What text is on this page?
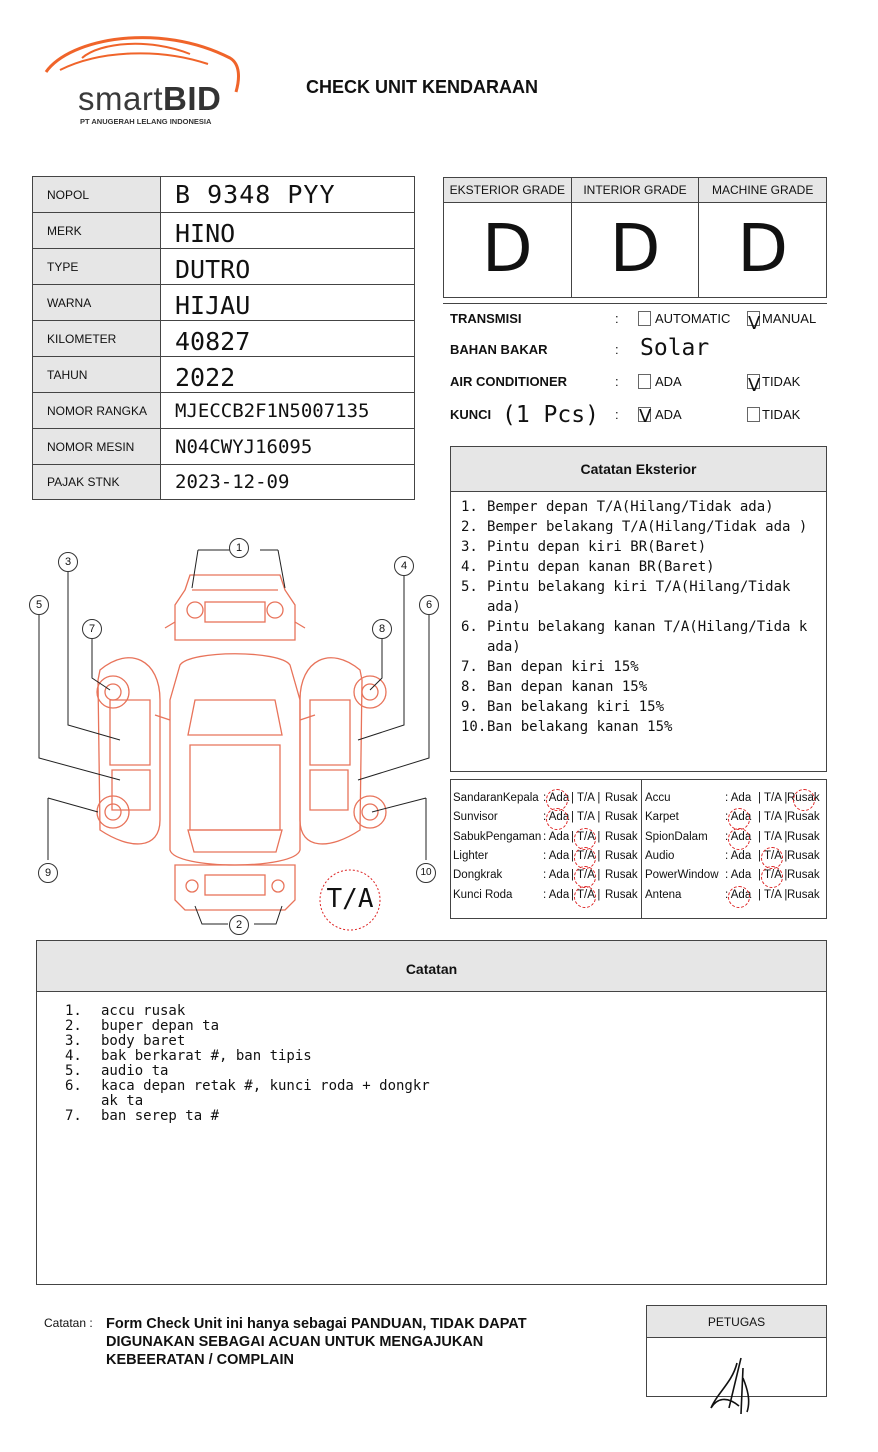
smartBID
PT ANUGERAH LELANG INDONESIA
CHECK UNIT KENDARAAN
NOPOL	B 9348 PYY
MERK	HINO
TYPE	DUTRO
WARNA	HIJAU
KILOMETER	40827
TAHUN	2022
NOMOR RANGKA	MJECCB2F1N5007135
NOMOR MESIN	N04CWYJ16095
PAJAK STNK	2023-12-09
EKSTERIOR GRADE
D
INTERIOR GRADE
D
MACHINE GRADE
D
TRANSMISI	:	AUTOMATIC V MANUAL
BAHAN BAKAR	: Solar
AIR CONDITIONER	:	ADA	V TIDAK
KUNCI (1 Pcs) : V ADA	TIDAK
Catatan Eksterior
1. Bemper depan T/A(Hilang/Tidak ada)
2. Bemper belakang T/A(Hilang/Tidak ada )
3. Pintu depan kiri BR(Baret)
4. Pintu depan kanan BR(Baret)
5. Pintu belakang kiri T/A(Hilang/Tidak ada)
6. Pintu belakang kanan T/A(Hilang/Tida k ada)
7. Ban depan kiri 15%
8. Ban depan kanan 15%
9. Ban belakang kiri 15%
10. Ban belakang kanan 15%
SandaranKepala : Ada | T/A | Rusak
Sunvisor	: Ada | T/A | Rusak
SabukPengaman : Ada | T/A | Rusak
Lighter	: Ada | T/A | Rusak
Dongkrak	: Ada | T/A | Rusak
Kunci Roda	: Ada | T/A | Rusak
Accu	: Ada | T/A | Rusak
Karpet	: Ada | T/A | Rusak
SpionDalam : Ada | T/A | Rusak
Audio	: Ada | T/A | Rusak
PowerWindow : Ada | T/A | Rusak
Antena	: Ada | T/A | Rusak
1
2
3	4
5	6
7	8
9	10
T/A
Catatan
1.	accu rusak
2.	buper depan ta
3.	body baret
4.	bak berkarat #, ban tipis
5.	audio ta
6.	kaca depan retak #, kunci roda + dongkrak ta
7.	ban serep ta #
Catatan : Form Check Unit ini hanya sebagai PANDUAN, TIDAK DAPAT DIGUNAKAN SEBAGAI ACUAN UNTUK MENGAJUKAN KEBEERATAN / COMPLAIN
PETUGAS
